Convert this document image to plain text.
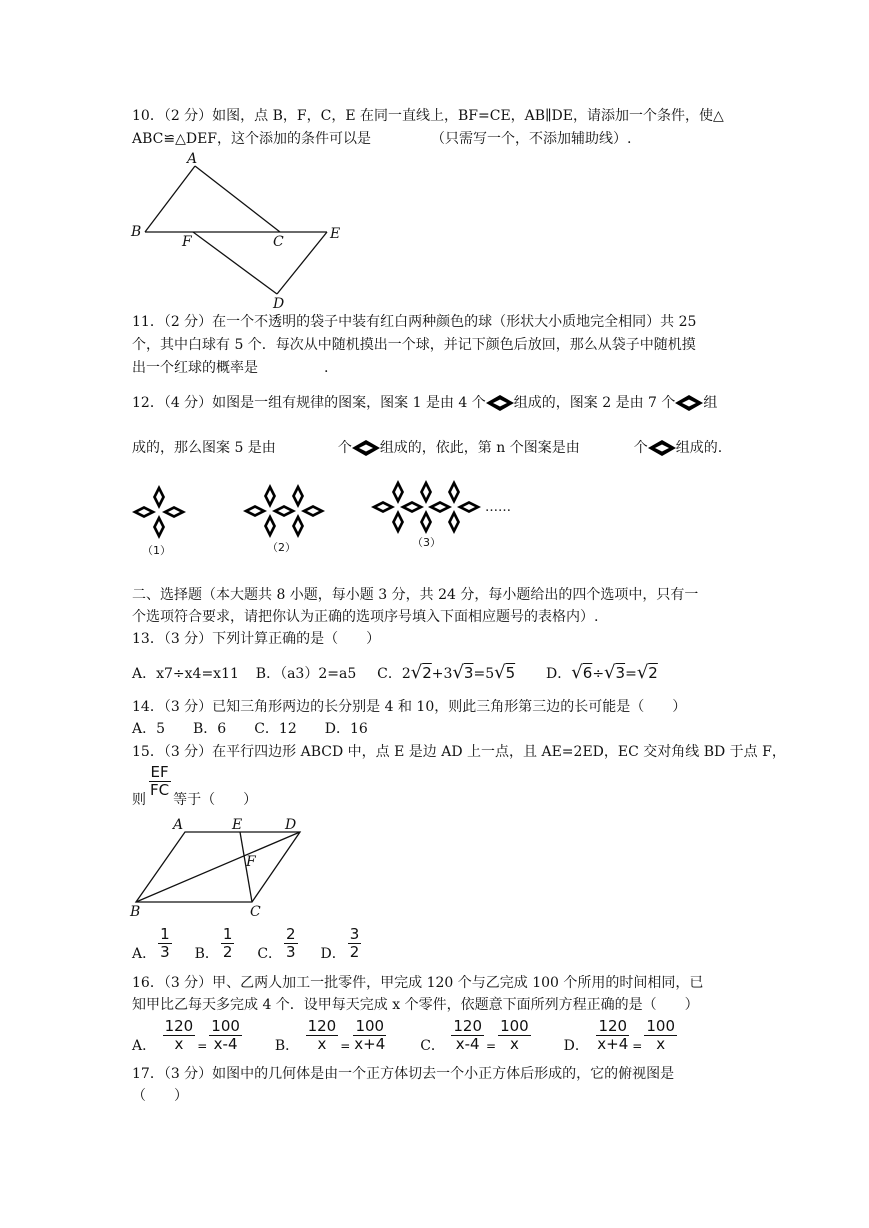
10．（2 分）如图，点 B，F，C，E 在同一直线上，BF=CE，AB∥DE，请添加一个条件，使△
ABC≌△DEF，这个添加的条件可以是	（只需写一个，不添加辅助线）.
A
B
F	C	E
D
11．（2 分）在一个不透明的袋子中装有红白两种颜色的球（形状大小质地完全相同）共 25
个，其中白球有 5 个．每次从中随机摸出一个球，并记下颜色后放回，那么从袋子中随机摸
出一个红球的概率是	.
12．（4 分）如图是一组有规律的图案，图案 1 是由 4 个 组成的，图案 2 是由 7 个 组
成的，那么图案 5 是由	个 组成的，依此，第 n 个图案是由	个 组成的.
……
（1）	（2）	（3）
二、选择题（本大题共 8 小题，每小题 3 分，共 24 分，每小题给出的四个选项中，只有一
个选项符合要求，请把你认为正确的选项序号填入下面相应题号的表格内）.
13．（3 分）下列计算正确的是（　　）
A．x7÷x4=x11 B．（a3）2=a5 C．2√2+3√3=5√5 D．√6÷√3=√2
14．（3 分）已知三角形两边的长分别是 4 和 10，则此三角形第三边的长可能是（　　）
A．5　　B．6　　C．12　　D．16
15．（3 分）在平行四边形 ABCD 中，点 E 是边 AD 上一点，且 AE=2ED，EC 交对角线 BD 于点 F，
则
$\frac{EF}{FC}$
等于（　　）
A	E	D
F
B	C
A． $\frac{1}{3}$ B． $\frac{1}{2}$ C． $\frac{2}{3}$ D． $\frac{3}{2}$
16．（3 分）甲、乙两人加工一批零件，甲完成 120 个与乙完成 100 个所用的时间相同，已
知甲比乙每天多完成 4 个．设甲每天完成 x 个零件，依题意下面所列方程正确的是（　　）
A． $\frac{120}{x} = \frac{100}{x-4}$ B． $\frac{120}{x} = \frac{100}{x+4}$ C． $\frac{120}{x-4} = \frac{100}{x}$ D． $\frac{120}{x+4} = \frac{100}{x}$
17．（3 分）如图中的几何体是由一个正方体切去一个小正方体后形成的，它的俯视图是
（　　）
